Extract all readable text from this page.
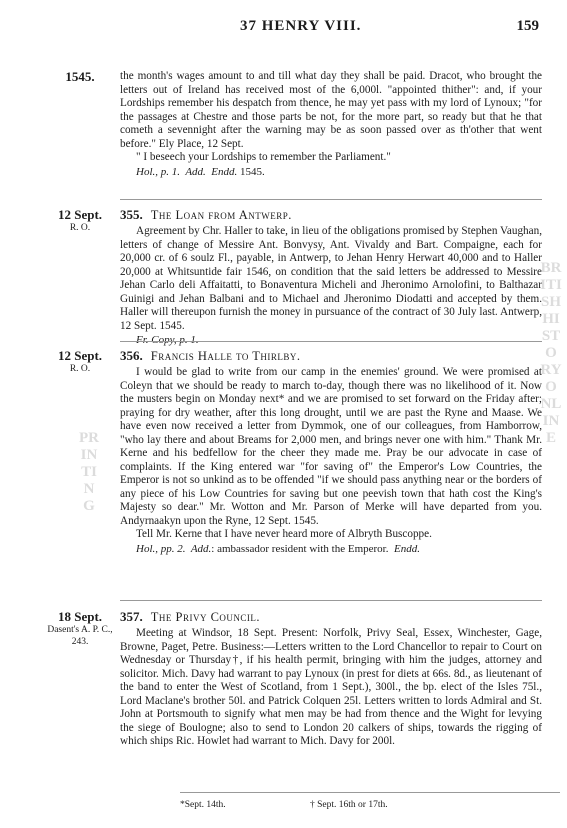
37 HENRY VIII.	159
1545.	the month's wages amount to and till what day they shall be paid. Dracot, who brought the letters out of Ireland has received most of the 6,000l. "appointed thither": and, if your Lordships remember his despatch from thence, he may yet pass with my lord of Lynoux; "for the passages at Chestre and those parts be not, for the more part, so ready but that he that cometh a sevennight after the warning may be as soon passed over as th'other that went before." Ely Place, 12 Sept.

" I beseech your Lordships to remember the Parliament."

Hol., p. 1. Add. Endd. 1545.
12 Sept.
R. O.
355. The Loan from Antwerp.

Agreement by Chr. Haller to take, in lieu of the obligations promised by Stephen Vaughan, letters of change of Messire Ant. Bonvysy, Ant. Vivaldy and Bart. Compaigne, each for 20,000 cr. of 6 soulz Fl., payable, in Antwerp, to Jehan Henry Herwart 40,000 and to Haller 20,000 at Whitsuntide fair 1546, on condition that the said letters be addressed to Messire Jehan Carlo deli Affaitatti, to Bonaventura Micheli and Jheronimo Arnolofini, to Balthazar Guinigi and Jehan Balbani and to Michael and Jheronimo Diodatti and accepted by them. Haller will thereupon furnish the money in pursuance of the contract of 30 July last. Antwerp, 12 Sept. 1545.

Fr. Copy, p. 1.
12 Sept.
R. O.
356. Francis Halle to Thirlby.

I would be glad to write from our camp in the enemies' ground. We were promised at Coleyn that we should be ready to march to-day, though there was no likelihood of it. Now the musters begin on Monday next* and we are promised to set forward on the Friday after; praying for dry weather, after this long drought, until we are past the Ryne and Maase. We have even now received a letter from Dymmok, one of our colleagues, from Hamborrow, "who lay there and about Breams for 2,000 men, and brings never one with him." Thank Mr. Kerne and his bedfellow for the cheer they made me. Pray be our advocate in case of complaints. If the King entered war "for saving of" the Emperor's Low Countries, the Emperor is not so unkind as to be offended "if we should pass anything near or the borders of any piece of his Low Countries for saving but one peevish town that hath cost the King's Majesty so dear." Mr. Wotton and Mr. Parson of Merke will have departed from you. Andyrnaakyn upon the Ryne, 12 Sept. 1545.

Tell Mr. Kerne that I have never heard more of Albryth Buscoppe.

Hol., pp. 2. Add.: ambassador resident with the Emperor. Endd.
18 Sept.
Dasent's A. P. C., 243.
357. The Privy Council.

Meeting at Windsor, 18 Sept. Present: Norfolk, Privy Seal, Essex, Winchester, Gage, Browne, Paget, Petre. Business:—Letters written to the Lord Chancellor to repair to Court on Wednesday or Thursday†, if his health permit, bringing with him the judges, attorney and solicitor. Mich. Davy had warrant to pay Lynoux (in prest for diets at 66s. 8d., as lieutenant of the band to enter the West of Scotland, from 1 Sept.), 300l., the bp. elect of the Isles 75l., Lord Maclane's brother 50l. and Patrick Colquen 25l. Letters written to lords Admiral and St. John at Portsmouth to signify what men may be had from thence and the Wight for levying the siege of Boulogne; also to send to London 20 calkers of ships, towards the rigging of which ships Ric. Howlet had warrant to Mich. Davy for 200l.

*Sept. 14th.	† Sept. 16th or 17th.
BRITISH HISTORY ONLINE
PRINTING
